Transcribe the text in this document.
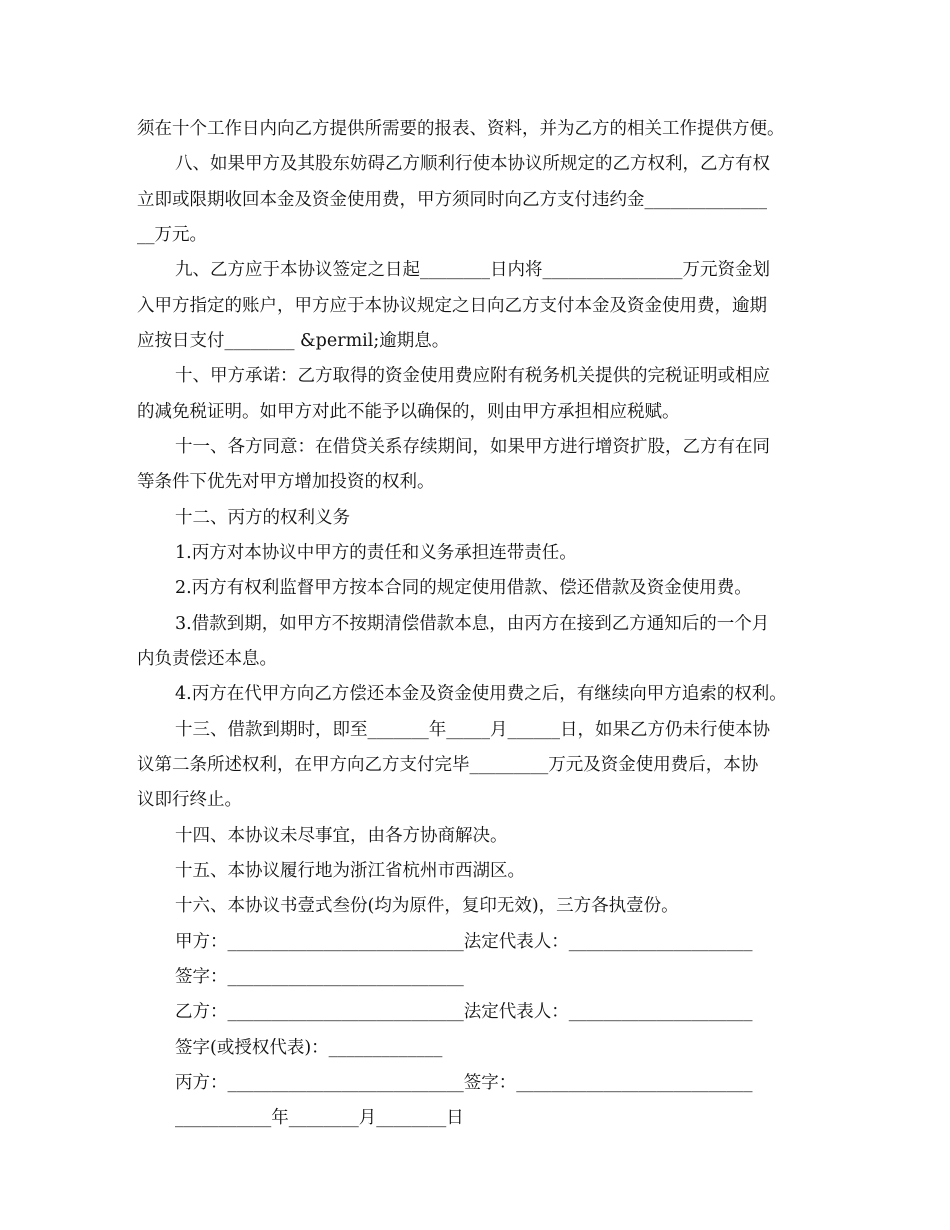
须在十个工作日内向乙方提供所需要的报表、资料，并为乙方的相关工作提供方便。

八、如果甲方及其股东妨碍乙方顺利行使本协议所规定的乙方权利，乙方有权

立即或限期收回本金及资金使用费，甲方须同时向乙方支付违约金______________

__万元。

九、乙方应于本协议签定之日起________日内将________________万元资金划

入甲方指定的账户，甲方应于本协议规定之日向乙方支付本金及资金使用费，逾期

应按日支付________ &permil;逾期息。

十、甲方承诺：乙方取得的资金使用费应附有税务机关提供的完税证明或相应

的减免税证明。如甲方对此不能予以确保的，则由甲方承担相应税赋。

十一、各方同意：在借贷关系存续期间，如果甲方进行增资扩股，乙方有在同

等条件下优先对甲方增加投资的权利。

十二、丙方的权利义务

1.丙方对本协议中甲方的责任和义务承担连带责任。

2.丙方有权利监督甲方按本合同的规定使用借款、偿还借款及资金使用费。

3.借款到期，如甲方不按期清偿借款本息，由丙方在接到乙方通知后的一个月

内负责偿还本息。

4.丙方在代甲方向乙方偿还本金及资金使用费之后，有继续向甲方追索的权利。

十三、借款到期时，即至_______年_____月______日，如果乙方仍未行使本协

议第二条所述权利，在甲方向乙方支付完毕_________万元及资金使用费后，本协

议即行终止。

十四、本协议未尽事宜，由各方协商解决。

十五、本协议履行地为浙江省杭州市西湖区。

十六、本协议书壹式叁份(均为原件，复印无效)，三方各执壹份。

甲方：___________________________法定代表人：_____________________

签字：___________________________

乙方：___________________________法定代表人：_____________________

签字(或授权代表)：_____________

丙方：___________________________签字：___________________________

___________年________月________日
